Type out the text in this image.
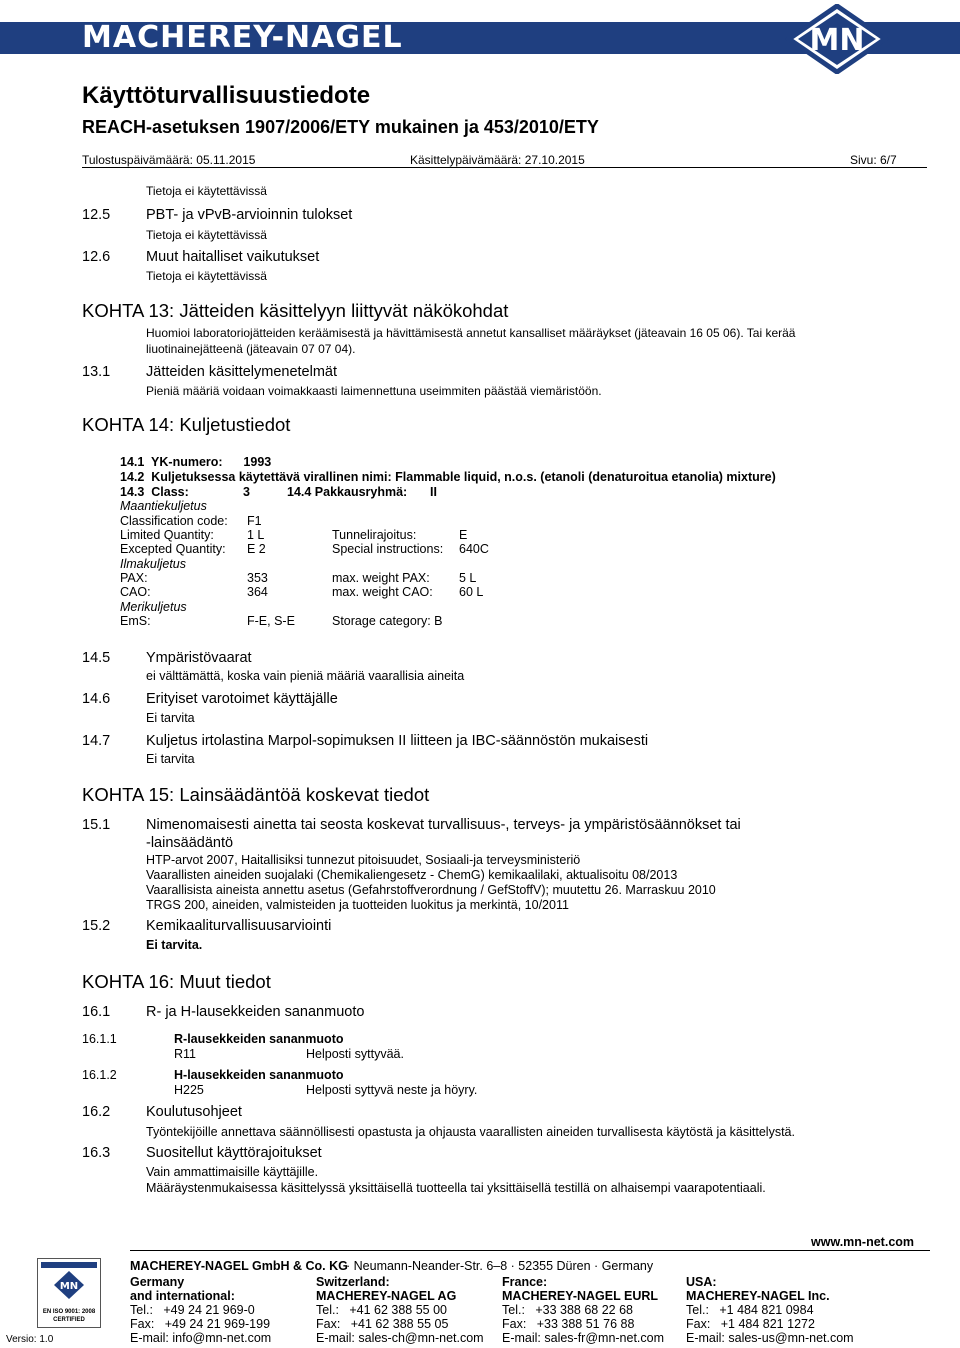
MACHEREY-NAGEL	MN
Käyttöturvallisuustiedote
REACH-asetuksen 1907/2006/ETY mukainen ja 453/2010/ETY
Tulostuspäivämäärä: 05.11.2015	Käsittelypäivämäärä: 27.10.2015	Sivu: 6/7
Tietoja ei käytettävissä
12.5 PBT- ja vPvB-arvioinnin tulokset
Tietoja ei käytettävissä
12.6 Muut haitalliset vaikutukset
Tietoja ei käytettävissä
KOHTA 13: Jätteiden käsittelyyn liittyvät näkökohdat
Huomioi laboratoriojätteiden keräämisestä ja hävittämisestä annetut kansalliset määräykset (jäteavain 16 05 06). Tai kerää
liuotinainejätteenä (jäteavain 07 07 04).
13.1 Jätteiden käsittelymenetelmät
Pieniä määriä voidaan voimakkaasti laimennettuna useimmiten päästää viemäristöön.
KOHTA 14: Kuljetustiedot
14.1  YK-numero:      1993
14.2  Kuljetuksessa käytettävä virallinen nimi: Flammable liquid, n.o.s. (etanoli (denaturoitua etanolia) mixture)
14.3  Class:	3	14.4 Pakkausryhmä: II
Maantiekuljetus
Classification code: F1
Limited Quantity:	1 L	Tunnelirajoitus:	E
Excepted Quantity: E 2	Special instructions: 640C
Ilmakuljetus
PAX:	353	max. weight PAX: 5 L
CAO:	364	max. weight CAO: 60 L
Merikuljetus
EmS:	F-E, S-E	Storage category: B
14.5 Ympäristövaarat
ei välttämättä, koska vain pieniä määriä vaarallisia aineita
14.6 Erityiset varotoimet käyttäjälle
Ei tarvita
14.7 Kuljetus irtolastina Marpol-sopimuksen II liitteen ja IBC-säännöstön mukaisesti
Ei tarvita
KOHTA 15: Lainsäädäntöä koskevat tiedot
15.1 Nimenomaisesti ainetta tai seosta koskevat turvallisuus-, terveys- ja ympäristösäännökset tai
-lainsäädäntö
HTP-arvot 2007, Haitallisiksi tunnezut pitoisuudet, Sosiaali-ja terveysministeriö
Vaarallisten aineiden suojalaki (Chemikaliengesetz - ChemG) kemikaalilaki, aktualisoitu 08/2013
Vaarallisista aineista annettu asetus (Gefahrstoffverordnung / GefStoffV); muutettu 26. Marraskuu 2010
TRGS 200, aineiden, valmisteiden ja tuotteiden luokitus ja merkintä, 10/2011
15.2 Kemikaaliturvallisuusarviointi
Ei tarvita.
KOHTA 16: Muut tiedot
16.1 R- ja H-lausekkeiden sananmuoto
16.1.1	R-lausekkeiden sananmuoto
R11	Helposti syttyvää.
16.1.2	H-lausekkeiden sananmuoto
H225	Helposti syttyvä neste ja höyry.
16.2 Koulutusohjeet
Työntekijöille annettava säännöllisesti opastusta ja ohjausta vaarallisten aineiden turvallisesta käytöstä ja käsittelystä.
16.3 Suositellut käyttörajoitukset
Vain ammattimaisille käyttäjille.
Määräystenmukaisessa käsittelyssä yksittäisellä tuotteella tai yksittäisellä testillä on alhaisempi vaarapotentiaali.
www.mn-net.com
MN
EN ISO 9001: 2008
CERTIFIED
Versio: 1.0
MACHEREY-NAGEL GmbH & Co. KG
· Neumann-Neander-Str. 6–8 · 52355 Düren · Germany
Germany
and international:
Tel.:   +49 24 21 969-0
Fax:   +49 24 21 969-199
E-mail: info@mn-net.com
Switzerland:
MACHEREY-NAGEL AG
Tel.:   +41 62 388 55 00
Fax:   +41 62 388 55 05
E-mail: sales-ch@mn-net.com
France:
MACHEREY-NAGEL EURL
Tel.:   +33 388 68 22 68
Fax:   +33 388 51 76 88
E-mail: sales-fr@mn-net.com
USA:
MACHEREY-NAGEL Inc.
Tel.:   +1 484 821 0984
Fax:   +1 484 821 1272
E-mail: sales-us@mn-net.com
